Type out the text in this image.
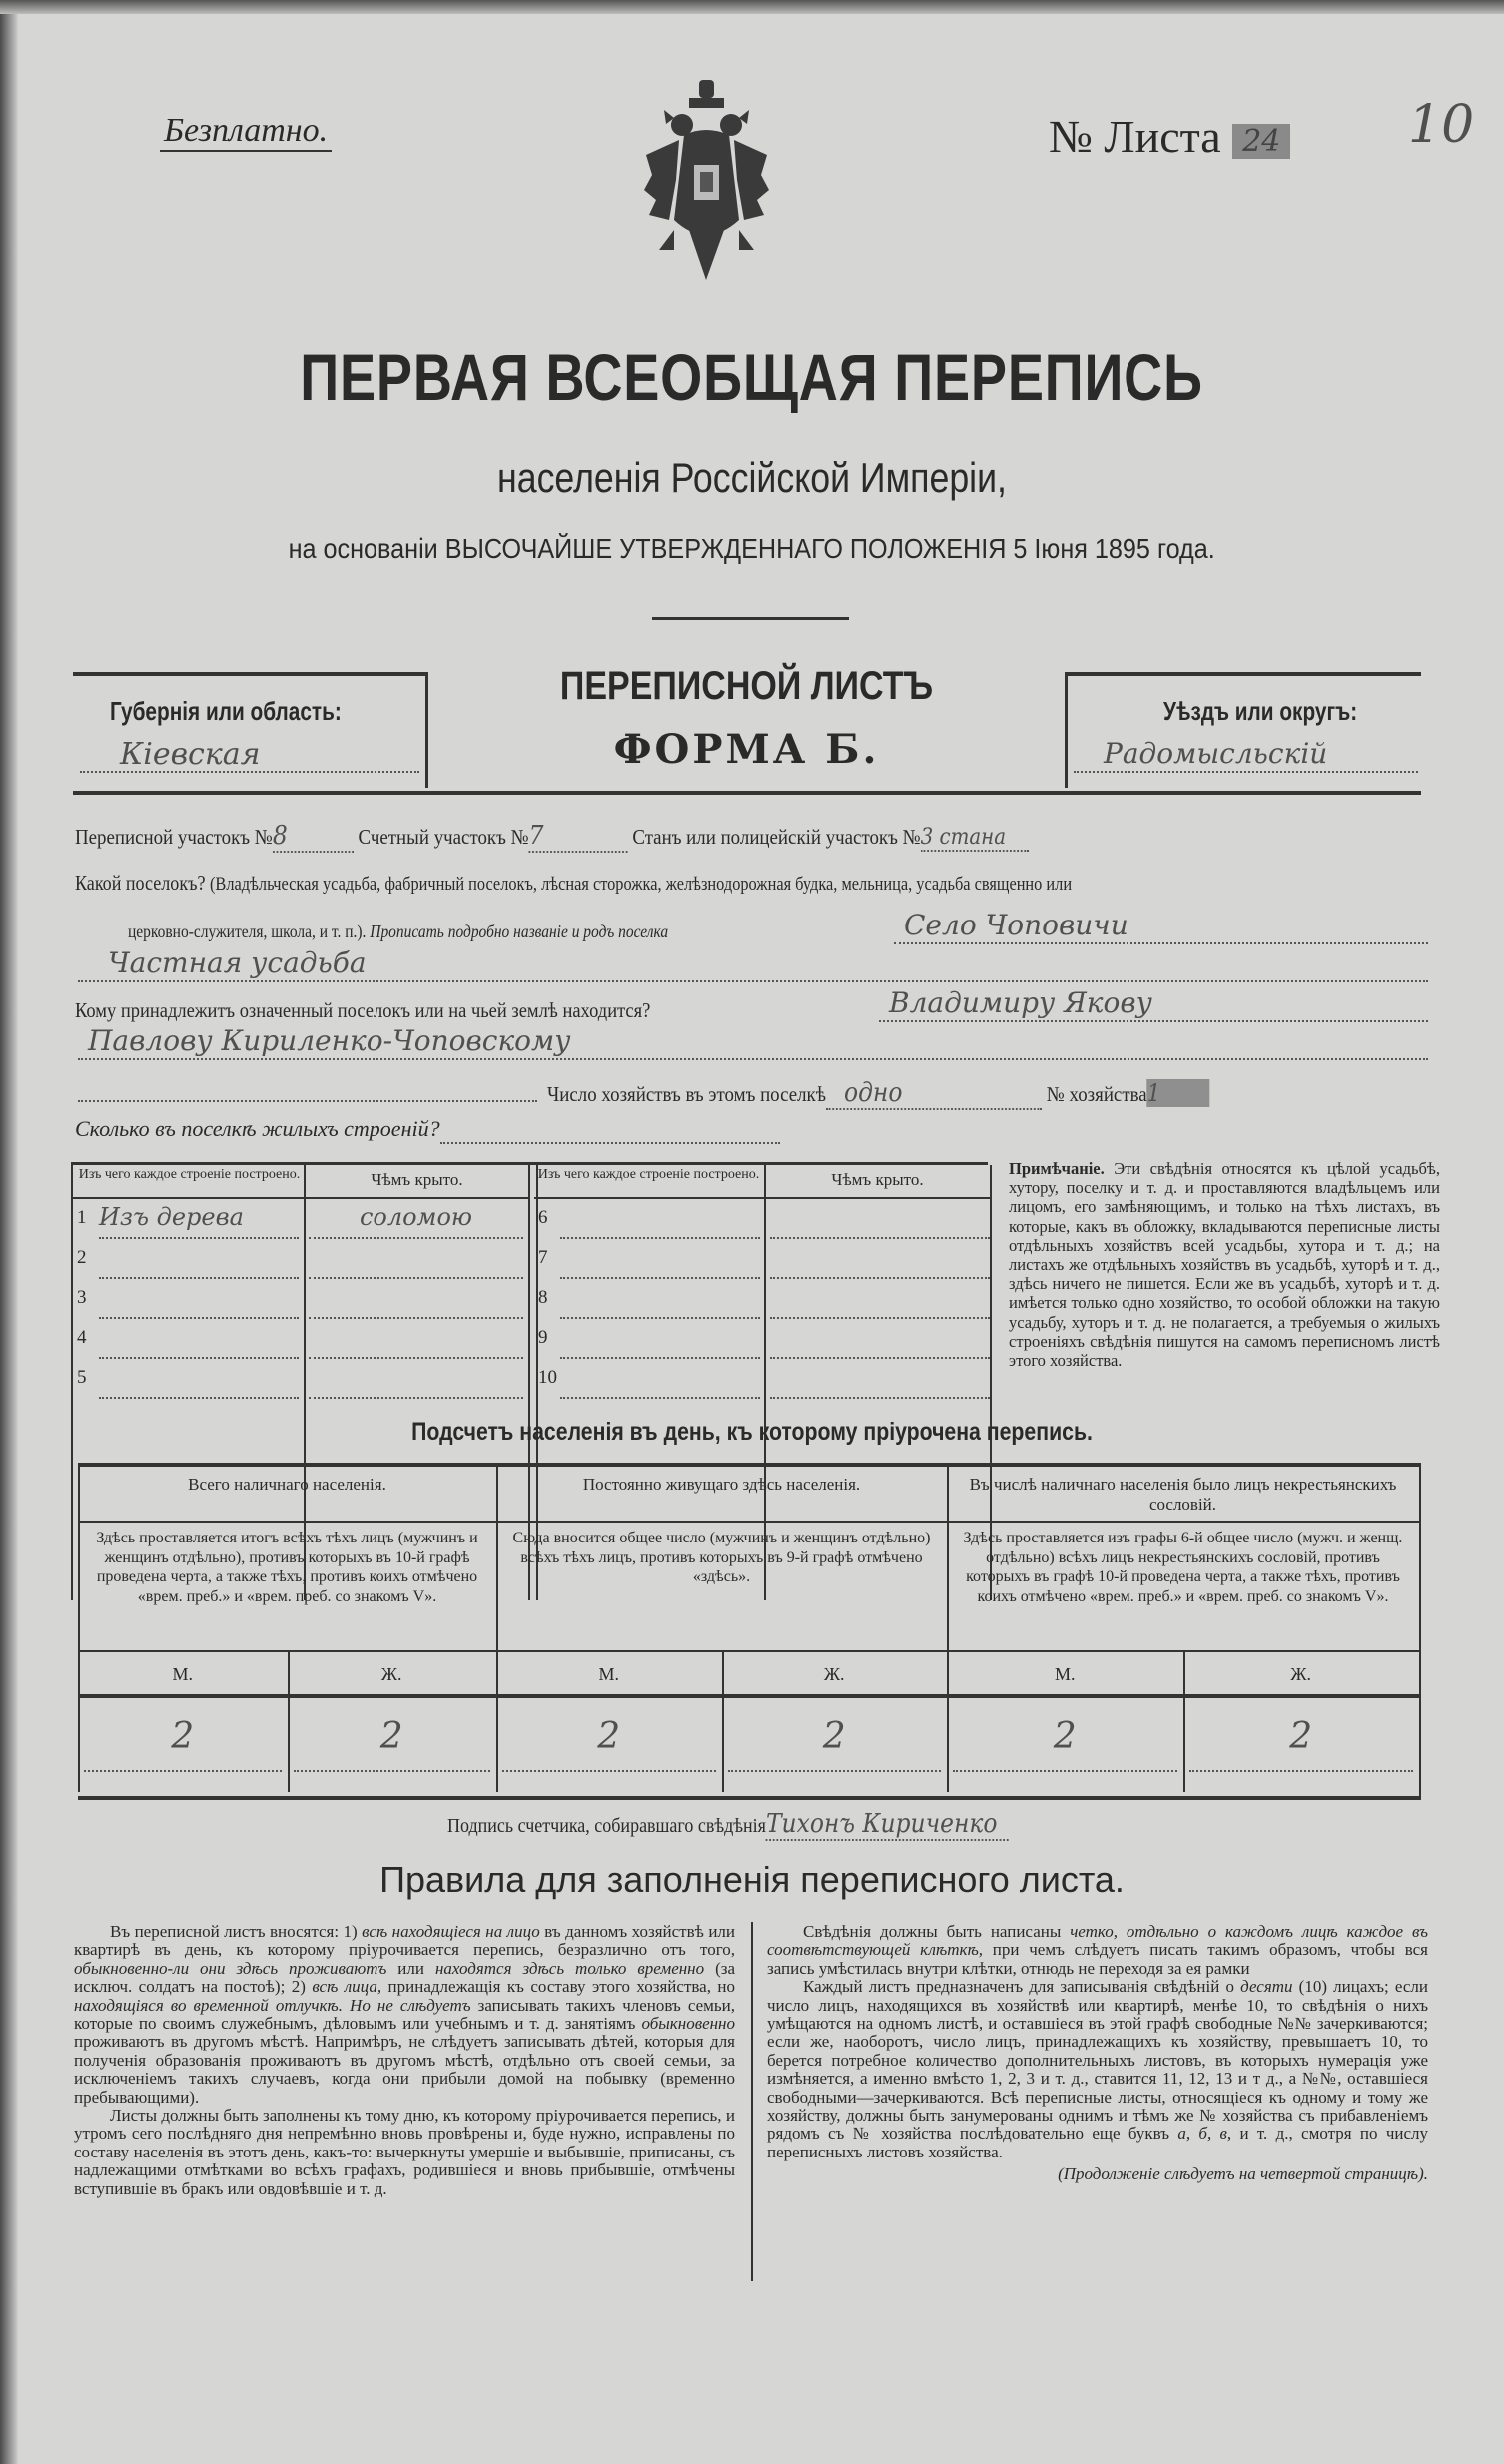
Безплатно.	№ Листа 24 10
ПЕРВАЯ ВСЕОБЩАЯ ПЕРЕПИСЬ
населенія Россійской Имперіи,
на основаніи ВЫСОЧАЙШЕ УТВЕРЖДЕННАГО ПОЛОЖЕНІЯ 5 Іюня 1895 года.
Губернія или область:
Кіевская
ПЕРЕПИСНОЙ ЛИСТЪ
ФОРМА Б.
Уѣздъ или округъ:
Радомысльскій
Переписной участокъ №8	Счетный участокъ №7	Станъ или полицейскій участокъ №3 стана
Какой поселокъ? (Владѣльческая усадьба, фабричный поселокъ, лѣсная сторожка, желѣзнодорожная будка, мельница, усадьба священно или
церковно-служителя, школа, и т. п.). Прописать подробно названіе и родъ поселка	Село Чоповичи
Частная усадьба
Кому принадлежитъ означенный поселокъ или на чьей землѣ находится?	Владимиру Якову
Павлову Кириленко-Чоповскому
Число хозяйствъ въ этомъ поселкѣ одно	№ хозяйства1
Сколько въ поселкѣ жилыхъ строеній?
Изъ чего каждое строеніе построено.	Чѣмъ крыто.	Изъ чего каждое строеніе построено.	Чѣмъ крыто.
1 Изъ дерева	соломою
2
3
4
5
6
7
8
9
10
Примѣчаніе. Эти свѣдѣнія относятся къ цѣлой усадьбѣ, хутору, поселку и т. д. и проставляются владѣльцемъ или лицомъ, его замѣняющимъ, и только на тѣхъ листахъ, въ которые, какъ въ обложку, вкладываются переписные листы отдѣльныхъ хозяйствъ всей усадьбы, хутора и т. д.; на листахъ же отдѣльныхъ хозяйствъ въ усадьбѣ, хуторѣ и т. д., здѣсь ничего не пишется. Если же въ усадьбѣ, хуторѣ и т. д. имѣется только одно хозяйство, то особой обложки на такую усадьбу, хуторъ и т. д. не полагается, а требуемыя о жилыхъ строеніяхъ свѣдѣнія пишутся на самомъ переписномъ листѣ этого хозяйства.
Подсчетъ населенія въ день, къ которому пріурочена перепись.
Всего наличнаго населенія.
Здѣсь проставляется итогъ всѣхъ тѣхъ лицъ (мужчинъ и женщинъ отдѣльно), противъ которыхъ въ 10-й графѣ проведена черта, а также тѣхъ, противъ коихъ отмѣчено «врем. преб.» и «врем. преб. со знакомъ V».
М.	Ж.
2	2
Постоянно живущаго здѣсь населенія.
Сюда вносится общее число (мужчинъ и женщинъ отдѣльно) всѣхъ тѣхъ лицъ, противъ которыхъ въ 9-й графѣ отмѣчено «здѣсь».
М.	Ж.
2	2
Въ числѣ наличнаго населенія было лицъ некрестьянскихъ сословій.
Здѣсь проставляется изъ графы 6-й общее число (мужч. и женщ. отдѣльно) всѣхъ лицъ некрестьянскихъ сословій, противъ которыхъ въ графѣ 10-й проведена черта, а также тѣхъ, противъ коихъ отмѣчено «врем. преб.» и «врем. преб. со знакомъ V».
М.	Ж.
2	2
Подпись счетчика, собиравшаго свѣдѣніяТихонъ Кириченко
Правила для заполненія переписного листа.

Въ переписной листъ вносятся: 1) всѣ находящіеся на лицо въ данномъ хозяйствѣ или квартирѣ въ день, къ которому пріурочивается перепись, безразлично отъ того, обыкновенно-ли они здѣсь проживаютъ или находятся здѣсь только временно (за исключ. солдатъ на постоѣ); 2) всѣ лица, принадлежащія къ составу этого хозяйства, но находящіяся во временной отлучкѣ. Но не слѣдуетъ записывать такихъ членовъ семьи, которые по своимъ служебнымъ, дѣловымъ или учебнымъ и т. д. занятіямъ обыкновенно проживаютъ въ другомъ мѣстѣ. Напримѣръ, не слѣдуетъ записывать дѣтей, которыя для полученія образованія проживаютъ въ другомъ мѣстѣ, отдѣльно отъ своей семьи, за исключеніемъ такихъ случаевъ, когда они прибыли домой на побывку (временно пребывающими).

Листы должны быть заполнены къ тому дню, къ которому пріурочивается перепись, и утромъ сего послѣдняго дня непремѣнно вновь провѣрены и, буде нужно, исправлены по составу населенія въ этотъ день, какъ-то: вычеркнуты умершіе и выбывшіе, приписаны, съ надлежащими отмѣтками во всѣхъ графахъ, родившіеся и вновь прибывшіе, отмѣчены вступившіе въ бракъ или овдовѣвшіе и т. д.

Свѣдѣнія должны быть написаны четко, отдѣльно о каждомъ лицѣ каждое въ соотвѣтствующей клѣткѣ, при чемъ слѣдуетъ писать такимъ образомъ, чтобы вся запись умѣстилась внутри клѣтки, отнюдь не переходя за ея рамки

Каждый листъ предназначенъ для записыванія свѣдѣній о десяти (10) лицахъ; если число лицъ, находящихся въ хозяйствѣ или квартирѣ, менѣе 10, то свѣдѣнія о нихъ умѣщаются на одномъ листѣ, и оставшіеся въ этой графѣ свободные №№ зачеркиваются; если же, наоборотъ, число лицъ, принадлежащихъ къ хозяйству, превышаетъ 10, то берется потребное количество дополнительныхъ листовъ, въ которыхъ нумерація уже измѣняется, а именно вмѣсто 1, 2, 3 и т. д., ставится 11, 12, 13 и т д., а №№, оставшіеся свободными—зачеркиваются. Всѣ переписные листы, относящіеся къ одному и тому же хозяйству, должны быть занумерованы однимъ и тѣмъ же № хозяйства съ прибавленіемъ рядомъ съ № хозяйства послѣдовательно еще буквъ а, б, в, и т. д., смотря по числу переписныхъ листовъ хозяйства.

(Продолженіе слѣдуетъ на четвертой страницѣ).
